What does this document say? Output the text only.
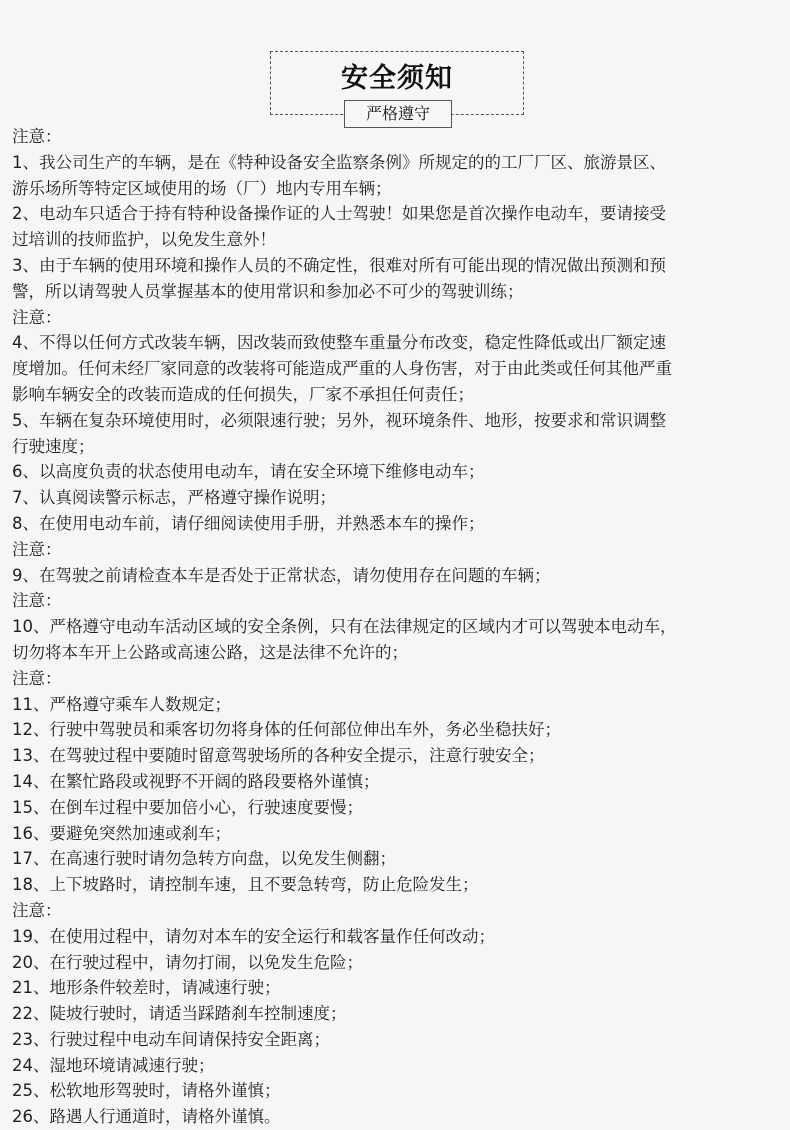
安全须知
严格遵守
注意：
1、我公司生产的车辆，是在《特种设备安全监察条例》所规定的的工厂厂区、旅游景区、
游乐场所等特定区域使用的场（厂）地内专用车辆；
2、电动车只适合于持有特种设备操作证的人士驾驶！如果您是首次操作电动车，要请接受
过培训的技师监护，以免发生意外！
3、由于车辆的使用环境和操作人员的不确定性，很难对所有可能出现的情况做出预测和预
警，所以请驾驶人员掌握基本的使用常识和参加必不可少的驾驶训练；
注意：
4、不得以任何方式改装车辆，因改装而致使整车重量分布改变，稳定性降低或出厂额定速
度增加。任何未经厂家同意的改装将可能造成严重的人身伤害，对于由此类或任何其他严重
影响车辆安全的改装而造成的任何损失，厂家不承担任何责任；
5、车辆在复杂环境使用时，必须限速行驶；另外，视环境条件、地形，按要求和常识调整
行驶速度；
6、以高度负责的状态使用电动车，请在安全环境下维修电动车；
7、认真阅读警示标志，严格遵守操作说明；
8、在使用电动车前，请仔细阅读使用手册，并熟悉本车的操作；
注意：
9、在驾驶之前请检查本车是否处于正常状态，请勿使用存在问题的车辆；
注意：
10、严格遵守电动车活动区域的安全条例，只有在法律规定的区域内才可以驾驶本电动车，
切勿将本车开上公路或高速公路，这是法律不允许的；
注意：
11、严格遵守乘车人数规定；
12、行驶中驾驶员和乘客切勿将身体的任何部位伸出车外，务必坐稳扶好；
13、在驾驶过程中要随时留意驾驶场所的各种安全提示，注意行驶安全；
14、在繁忙路段或视野不开阔的路段要格外谨慎；
15、在倒车过程中要加倍小心，行驶速度要慢；
16、要避免突然加速或刹车；
17、在高速行驶时请勿急转方向盘，以免发生侧翻；
18、上下坡路时，请控制车速，且不要急转弯，防止危险发生；
注意：
19、在使用过程中，请勿对本车的安全运行和载客量作任何改动；
20、在行驶过程中，请勿打闹，以免发生危险；
21、地形条件较差时，请减速行驶；
22、陡坡行驶时，请适当踩踏刹车控制速度；
23、行驶过程中电动车间请保持安全距离；
24、湿地环境请减速行驶；
25、松软地形驾驶时，请格外谨慎；
26、路遇人行通道时，请格外谨慎。
